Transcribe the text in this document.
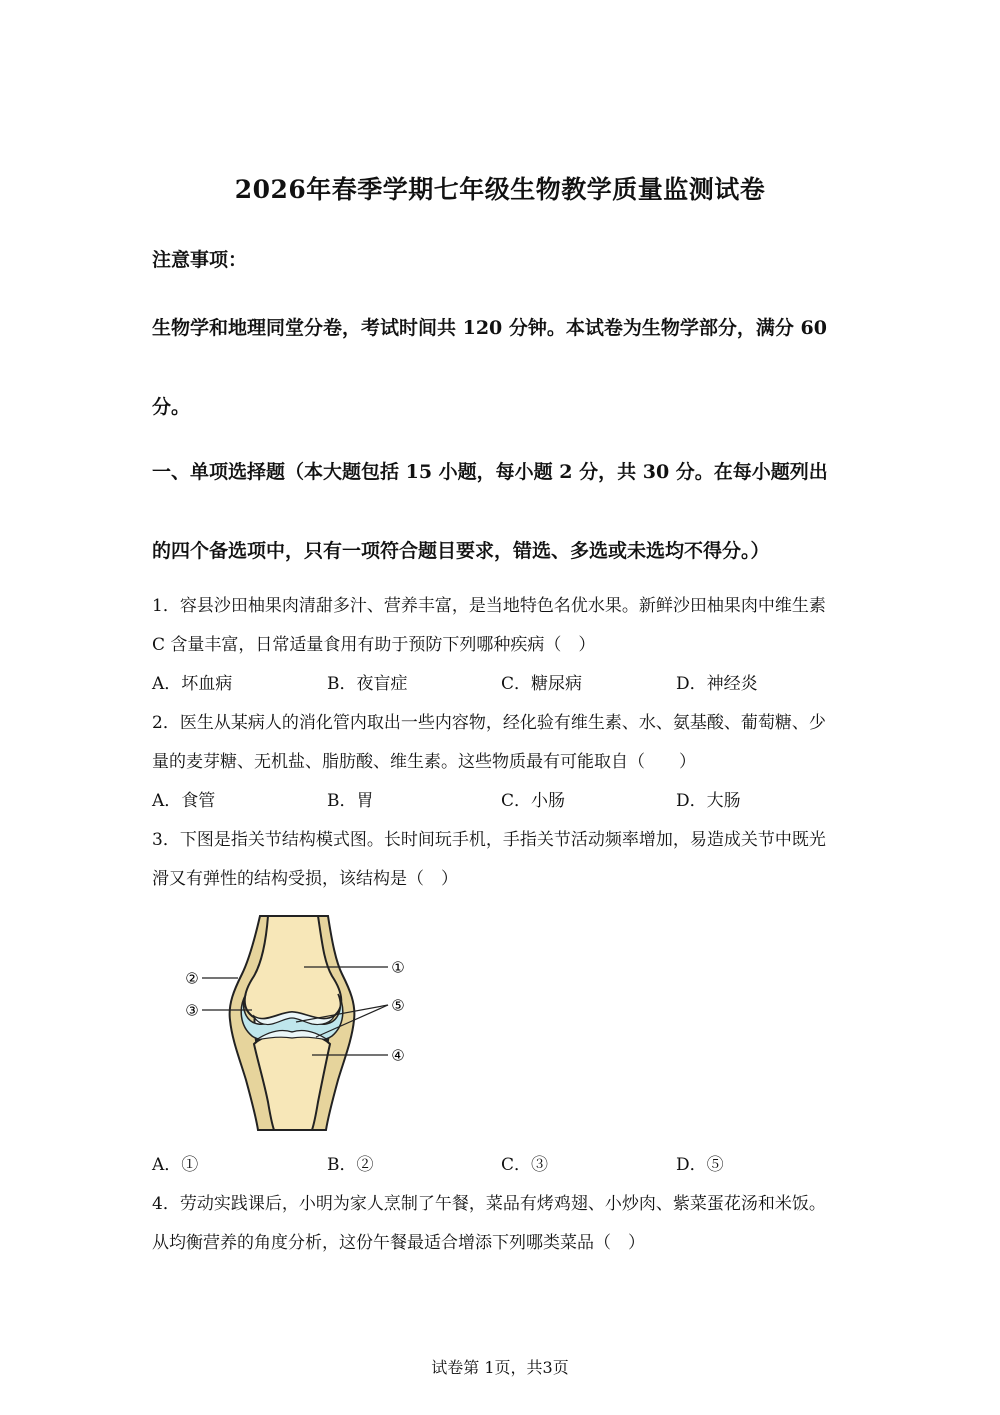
2026年春季学期七年级生物教学质量监测试卷
注意事项：
生物学和地理同堂分卷，考试时间共 120 分钟。本试卷为生物学部分，满分 60
分。
一、单项选择题（本大题包括 15 小题，每小题 2 分，共 30 分。在每小题列出
的四个备选项中，只有一项符合题目要求，错选、多选或未选均不得分。）
1．容县沙田柚果肉清甜多汁、营养丰富，是当地特色名优水果。新鲜沙田柚果肉中维生素
C 含量丰富，日常适量食用有助于预防下列哪种疾病（　）
A．坏血病	B．夜盲症	C．糖尿病	D．神经炎
2．医生从某病人的消化管内取出一些内容物，经化验有维生素、水、氨基酸、葡萄糖、少
量的麦芽糖、无机盐、脂肪酸、维生素。这些物质最有可能取自（　　）
A．食管	B．胃	C．小肠	D．大肠
3．下图是指关节结构模式图。长时间玩手机，手指关节活动频率增加，易造成关节中既光
滑又有弹性的结构受损，该结构是（　）
①
②
③	⑤
④
A．①	B．②	C．③	D．⑤
4．劳动实践课后，小明为家人烹制了午餐，菜品有烤鸡翅、小炒肉、紫菜蛋花汤和米饭。
从均衡营养的角度分析，这份午餐最适合增添下列哪类菜品（　）
试卷第 1页，共3页
